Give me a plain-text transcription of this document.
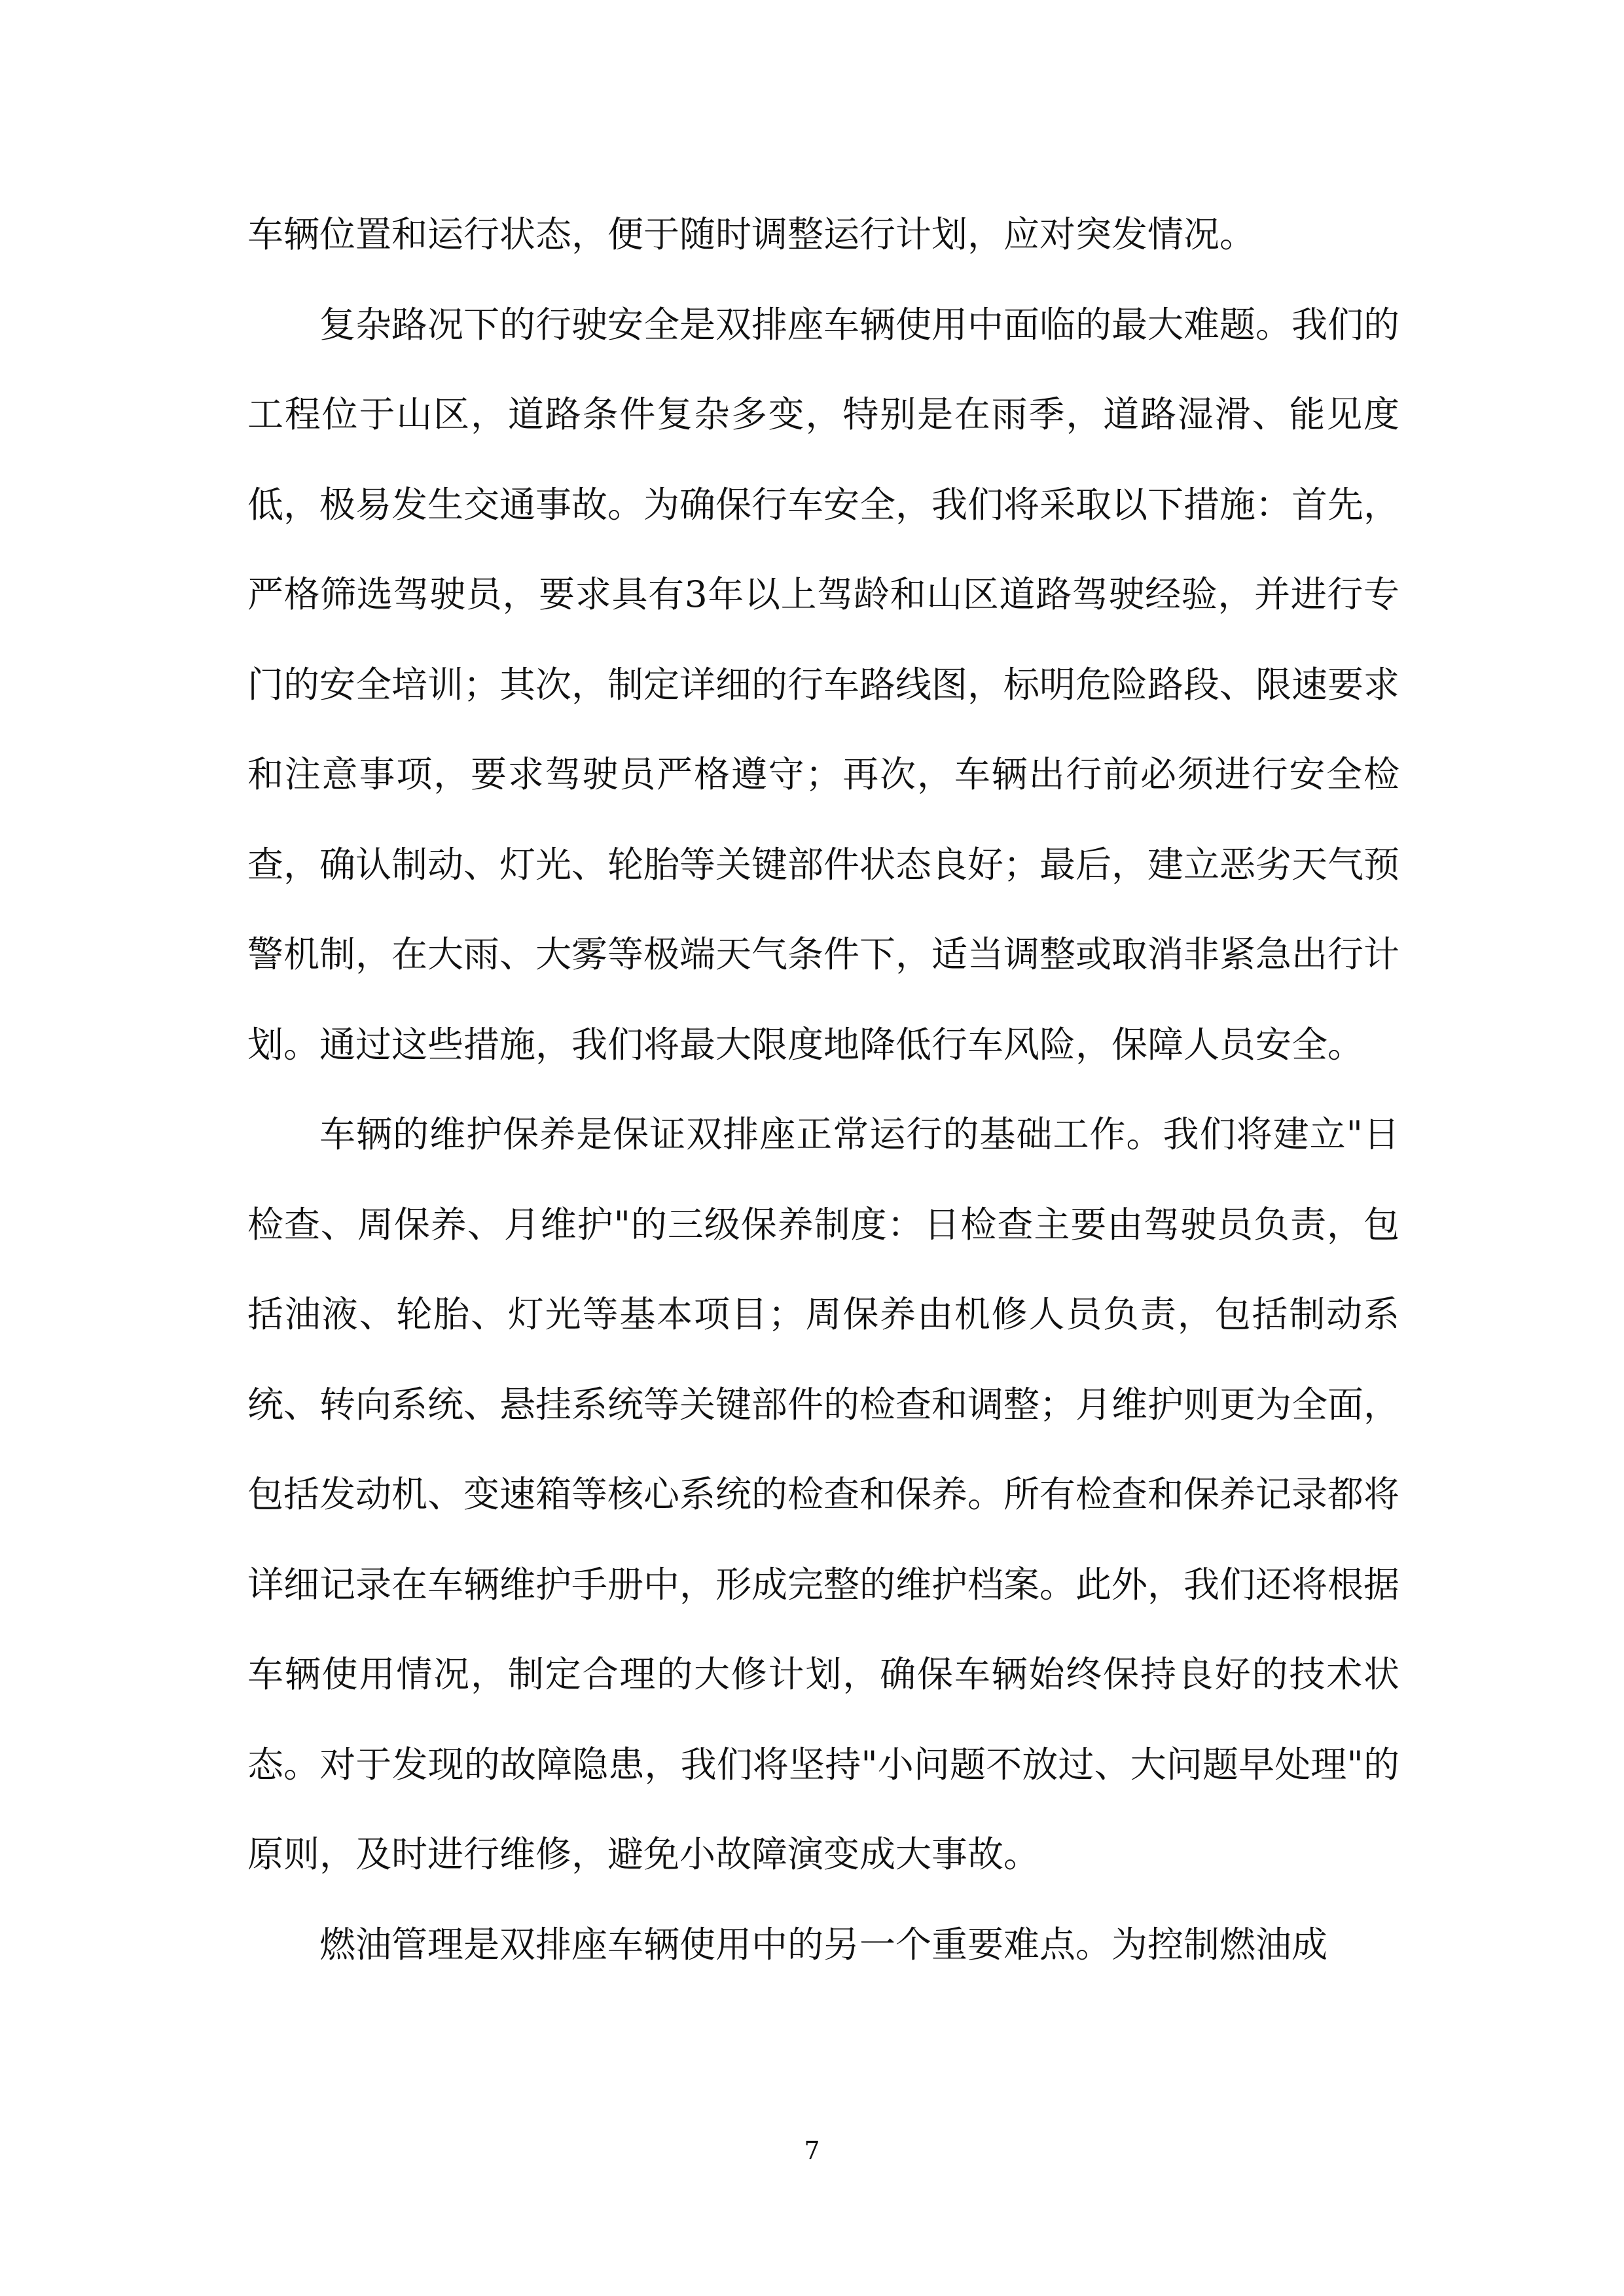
车辆位置和运行状态，便于随时调整运行计划，应对突发情况。

复杂路况下的行驶安全是双排座车辆使用中面临的最大难题。我们的工程位于山区，道路条件复杂多变，特别是在雨季，道路湿滑、能见度低，极易发生交通事故。为确保行车安全，我们将采取以下措施：首先，严格筛选驾驶员，要求具有3年以上驾龄和山区道路驾驶经验，并进行专门的安全培训；其次，制定详细的行车路线图，标明危险路段、限速要求和注意事项，要求驾驶员严格遵守；再次，车辆出行前必须进行安全检查，确认制动、灯光、轮胎等关键部件状态良好；最后，建立恶劣天气预警机制，在大雨、大雾等极端天气条件下，适当调整或取消非紧急出行计划。通过这些措施，我们将最大限度地降低行车风险，保障人员安全。

车辆的维护保养是保证双排座正常运行的基础工作。我们将建立"日检查、周保养、月维护"的三级保养制度：日检查主要由驾驶员负责，包括油液、轮胎、灯光等基本项目；周保养由机修人员负责，包括制动系统、转向系统、悬挂系统等关键部件的检查和调整；月维护则更为全面，包括发动机、变速箱等核心系统的检查和保养。所有检查和保养记录都将详细记录在车辆维护手册中，形成完整的维护档案。此外，我们还将根据车辆使用情况，制定合理的大修计划，确保车辆始终保持良好的技术状态。对于发现的故障隐患，我们将坚持"小问题不放过、大问题早处理"的原则，及时进行维修，避免小故障演变成大事故。

燃油管理是双排座车辆使用中的另一个重要难点。为控制燃油成

7
